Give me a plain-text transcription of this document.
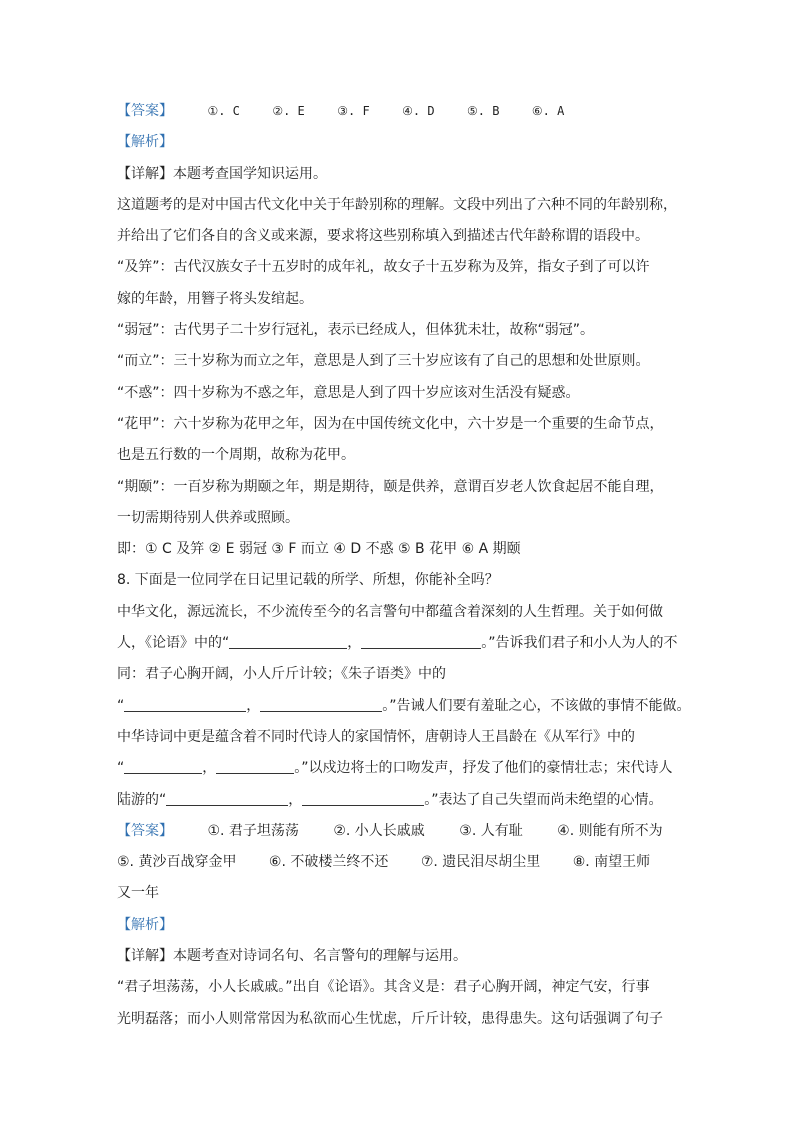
【答案】	①. C	②. E	③. F	④. D	⑤. B	⑥. A
【解析】
【详解】本题考查国学知识运用。
这道题考的是对中国古代文化中关于年龄别称的理解。文段中列出了六种不同的年龄别称，
并给出了它们各自的含义或来源，要求将这些别称填入到描述古代年龄称谓的语段中。
“及笄”：古代汉族女子十五岁时的成年礼，故女子十五岁称为及笄，指女子到了可以许
嫁的年龄，用簪子将头发绾起。
“弱冠”：古代男子二十岁行冠礼，表示已经成人，但体犹未壮，故称“弱冠”。
“而立”：三十岁称为而立之年，意思是人到了三十岁应该有了自己的思想和处世原则。
“不惑”：四十岁称为不惑之年，意思是人到了四十岁应该对生活没有疑惑。
“花甲”：六十岁称为花甲之年，因为在中国传统文化中，六十岁是一个重要的生命节点，
也是五行数的一个周期，故称为花甲。
“期颐”：一百岁称为期颐之年，期是期待，颐是供养，意谓百岁老人饮食起居不能自理，
一切需期待别人供养或照顾。
即：① C 及笄 ② E 弱冠 ③ F 而立 ④ D 不惑 ⑤ B 花甲 ⑥ A 期颐
8. 下面是一位同学在日记里记载的所学、所想，你能补全吗？
中华文化，源远流长，不少流传至今的名言警句中都蕴含着深刻的人生哲理。关于如何做
人，《论语》中的“	，	。”告诉我们君子和小人为人的不
同：君子心胸开阔，小人斤斤计较；《朱子语类》中的
“	，	。”告诫人们要有羞耻之心，不该做的事情不能做。
中华诗词中更是蕴含着不同时代诗人的家国情怀，唐朝诗人王昌龄在《从军行》中的
“	，	。”以戍边将士的口吻发声，抒发了他们的豪情壮志；宋代诗人
陆游的“	，	。”表达了自己失望而尚未绝望的心情。
【答案】 ①. 君子坦荡荡 ②. 小人长戚戚 ③. 人有耻 ④. 则能有所不为
⑤. 黄沙百战穿金甲 ⑥. 不破楼兰终不还 ⑦. 遗民泪尽胡尘里 ⑧. 南望王师
又一年
【解析】
【详解】本题考查对诗词名句、名言警句的理解与运用。
“君子坦荡荡，小人长戚戚。”出自《论语》。其含义是：君子心胸开阔，神定气安，行事
光明磊落；而小人则常常因为私欲而心生忧虑，斤斤计较，患得患失。这句话强调了句子
